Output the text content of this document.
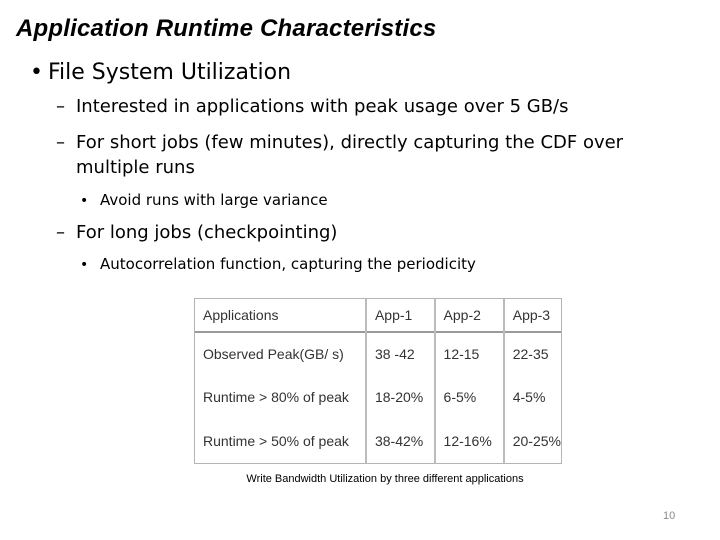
Application Runtime Characteristics
• File System Utilization
– Interested in applications with peak usage over 5 GB/s
– For short jobs (few minutes), directly capturing the CDF over
multiple runs
• Avoid runs with large variance
– For long jobs (checkpointing)
• Autocorrelation function, capturing the periodicity
Applications	App-1	App-2	App-3
Observed Peak(GB/ s)	38 -42	12-15	22-35
Runtime > 80% of peak	18-20%	6-5%	4-5%
Runtime > 50% of peak	38-42%	12-16%	20-25%
Write Bandwidth Utilization by three different applications
10
